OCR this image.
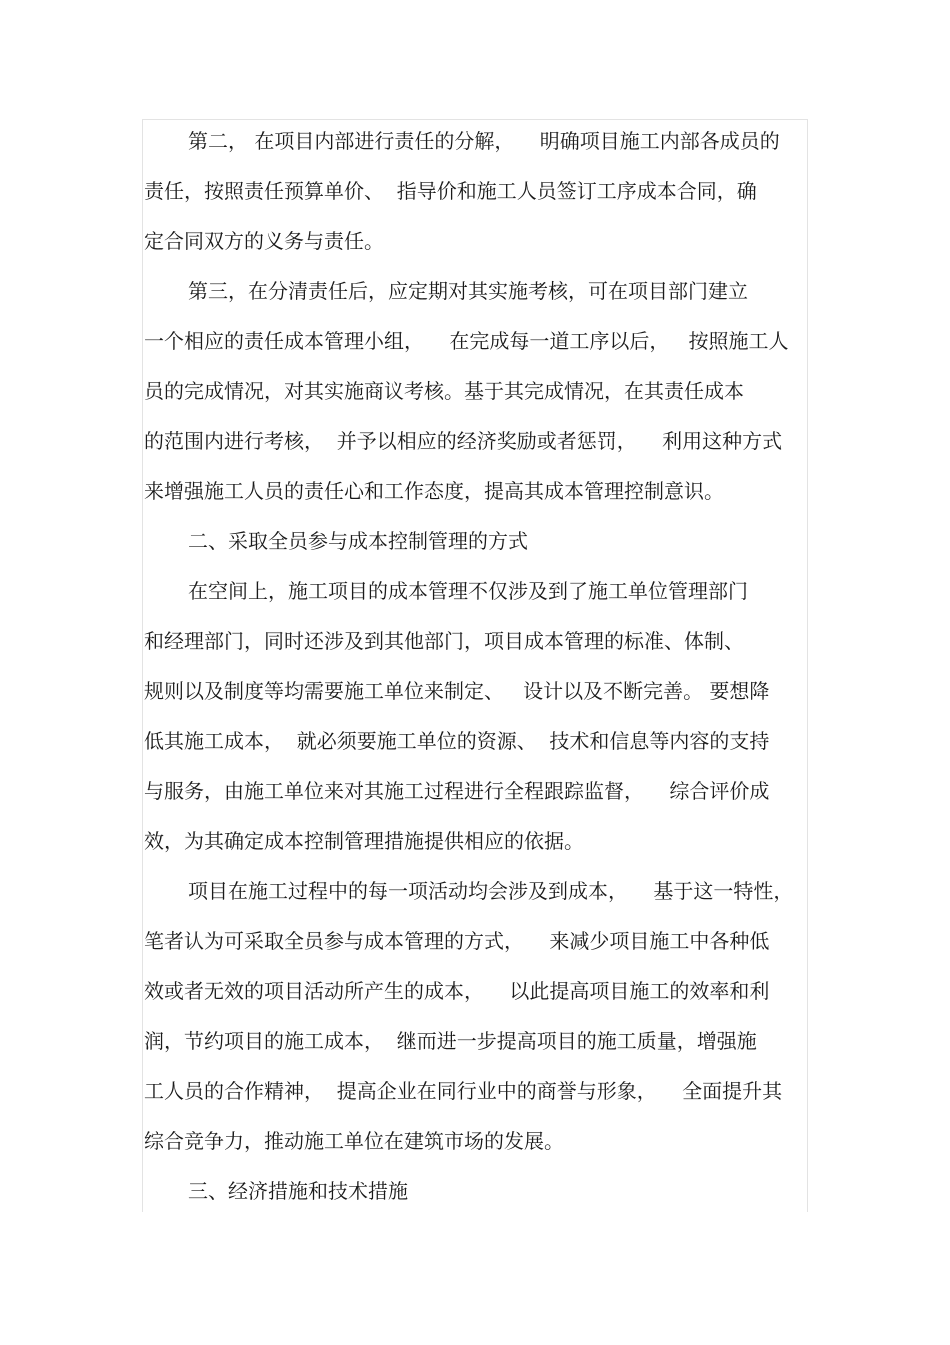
第二， 在项目内部进行责任的分解，    明确项目施工内部各成员的
责任，按照责任预算单价、  指导价和施工人员签订工序成本合同，确
定合同双方的义务与责任。
第三，在分清责任后，应定期对其实施考核，可在项目部门建立
一个相应的责任成本管理小组，    在完成每一道工序以后，   按照施工人
员的完成情况，对其实施商议考核。基于其完成情况，在其责任成本
的范围内进行考核，  并予以相应的经济奖励或者惩罚，    利用这种方式
来增强施工人员的责任心和工作态度，提高其成本管理控制意识。
二、采取全员参与成本控制管理的方式
在空间上，施工项目的成本管理不仅涉及到了施工单位管理部门
和经理部门，同时还涉及到其他部门，项目成本管理的标准、体制、
规则以及制度等均需要施工单位来制定、   设计以及不断完善。 要想降
低其施工成本，  就必须要施工单位的资源、  技术和信息等内容的支持
与服务，由施工单位来对其施工过程进行全程跟踪监督，    综合评价成
效，为其确定成本控制管理措施提供相应的依据。
项目在施工过程中的每一项活动均会涉及到成本，    基于这一特性，
笔者认为可采取全员参与成本管理的方式，    来减少项目施工中各种低
效或者无效的项目活动所产生的成本，    以此提高项目施工的效率和利
润，节约项目的施工成本，  继而进一步提高项目的施工质量，增强施
工人员的合作精神，  提高企业在同行业中的商誉与形象，    全面提升其
综合竞争力，推动施工单位在建筑市场的发展。
三、经济措施和技术措施
